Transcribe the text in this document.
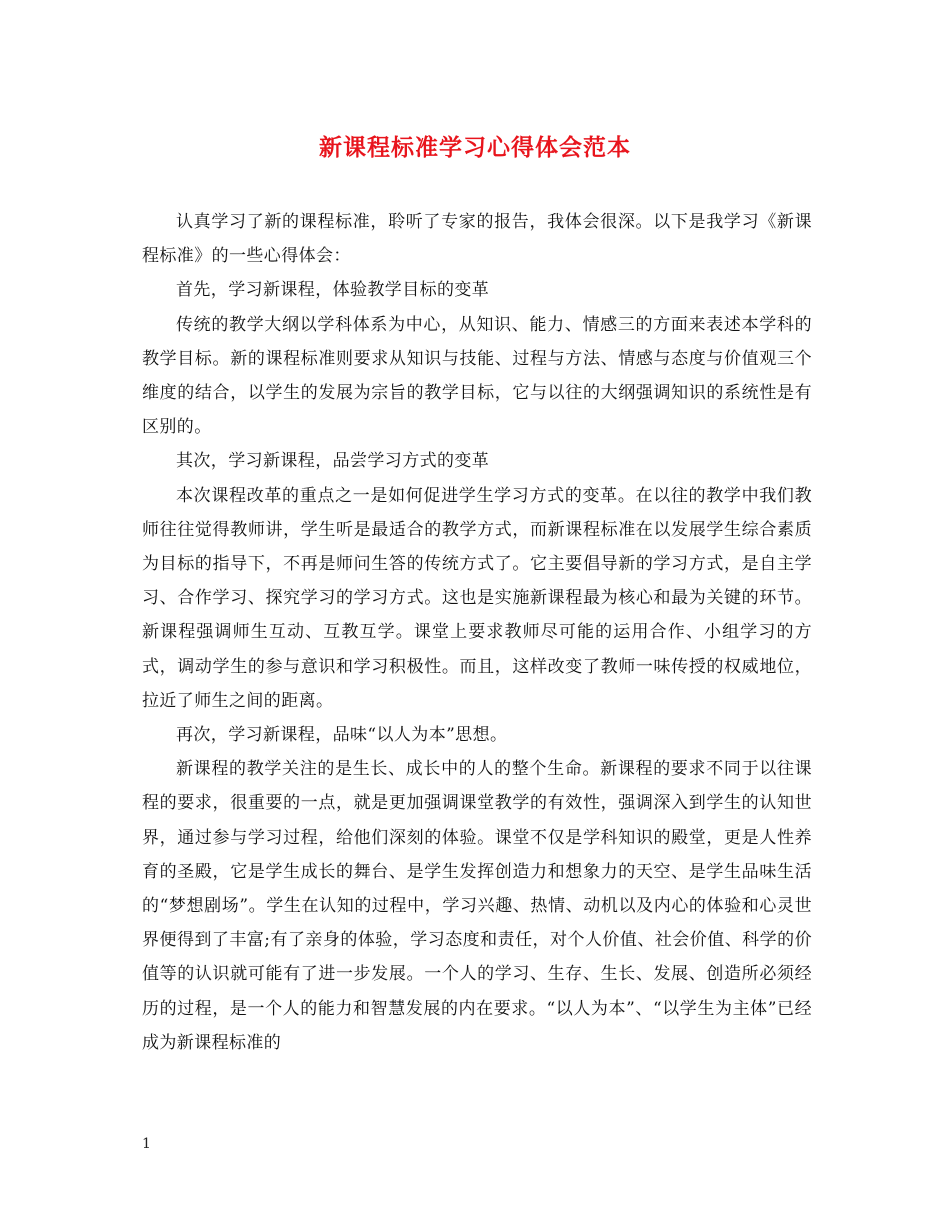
新课程标准学习心得体会范本

认真学习了新的课程标准，聆听了专家的报告，我体会很深。以下是我学习《新课程标准》的一些心得体会：

首先，学习新课程，体验教学目标的变革

传统的教学大纲以学科体系为中心，从知识、能力、情感三的方面来表述本学科的教学目标。新的课程标准则要求从知识与技能、过程与方法、情感与态度与价值观三个维度的结合，以学生的发展为宗旨的教学目标，它与以往的大纲强调知识的系统性是有区别的。

其次，学习新课程，品尝学习方式的变革

本次课程改革的重点之一是如何促进学生学习方式的变革。在以往的教学中我们教师往往觉得教师讲，学生听是最适合的教学方式，而新课程标准在以发展学生综合素质为目标的指导下，不再是师问生答的传统方式了。它主要倡导新的学习方式，是自主学习、合作学习、探究学习的学习方式。这也是实施新课程最为核心和最为关键的环节。新课程强调师生互动、互教互学。课堂上要求教师尽可能的运用合作、小组学习的方式，调动学生的参与意识和学习积极性。而且，这样改变了教师一味传授的权威地位，拉近了师生之间的距离。

再次，学习新课程，品味“以人为本”思想。

新课程的教学关注的是生长、成长中的人的整个生命。新课程的要求不同于以往课程的要求，很重要的一点，就是更加强调课堂教学的有效性，强调深入到学生的认知世界，通过参与学习过程，给他们深刻的体验。课堂不仅是学科知识的殿堂，更是人性养育的圣殿，它是学生成长的舞台、是学生发挥创造力和想象力的天空、是学生品味生活的“梦想剧场”。学生在认知的过程中，学习兴趣、热情、动机以及内心的体验和心灵世界便得到了丰富;有了亲身的体验，学习态度和责任，对个人价值、社会价值、科学的价值等的认识就可能有了进一步发展。一个人的学习、生存、生长、发展、创造所必须经历的过程，是一个人的能力和智慧发展的内在要求。“以人为本”、“以学生为主体”已经成为新课程标准的

1
